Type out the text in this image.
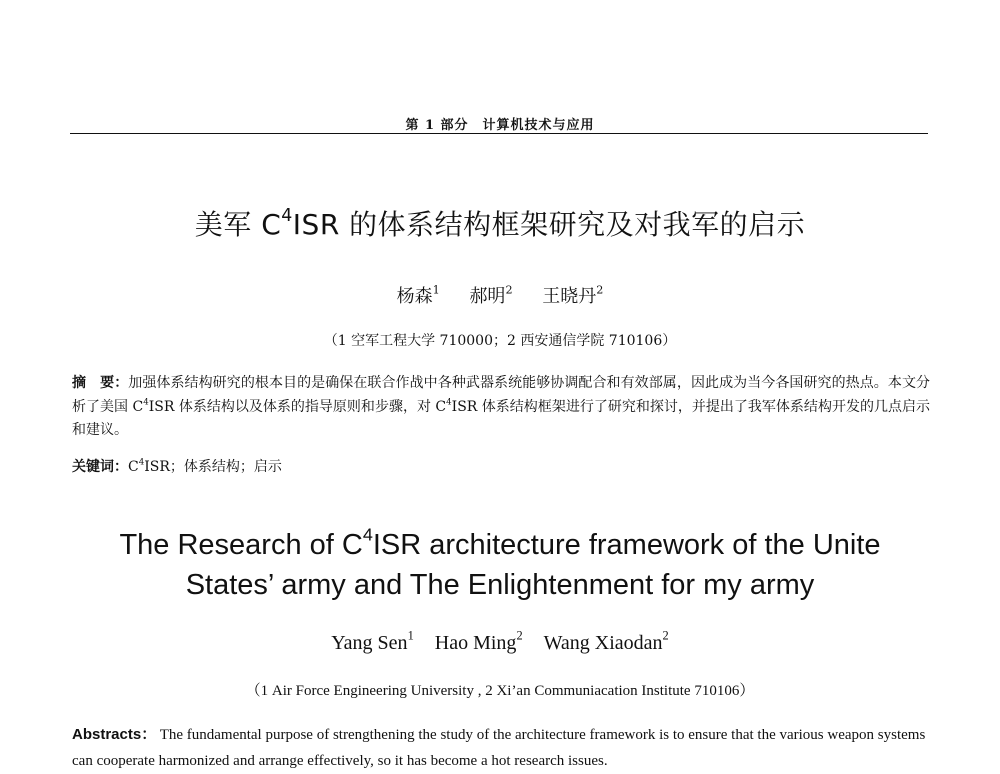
第 1 部分　计算机技术与应用
美军 $C^4ISR$ 的体系结构框架研究及对我军的启示
杨森$^1$ 郝明$^2$ 王晓丹$^2$
（1 空军工程大学 710000；2 西安通信学院 710106）
摘　要：加强体系结构研究的根本目的是确保在联合作战中各种武器系统能够协调配合和有效部属，因此成为当今各国研究的热点。本文分析了美国 $C^4ISR$ 体系结构以及体系的指导原则和步骤，对 $C^4ISR$ 体系结构框架进行了研究和探讨，并提出了我军体系结构开发的几点启示和建议。
关键词：$C^4ISR$；体系结构；启示
The Research of $C^4ISR$ architecture framework of the Unite
States’ army and The Enlightenment for my army
Yang Sen$^1$ Hao Ming$^2$ Wang Xiaodan$^2$
（1 Air Force Engineering University , 2 Xi’an Communiacation Institute 710106）
Abstracts： The fundamental purpose of strengthening the study of the architecture framework is to ensure that the various weapon systems can cooperate harmonized and arrange effectively, so it has become a hot research issues.
